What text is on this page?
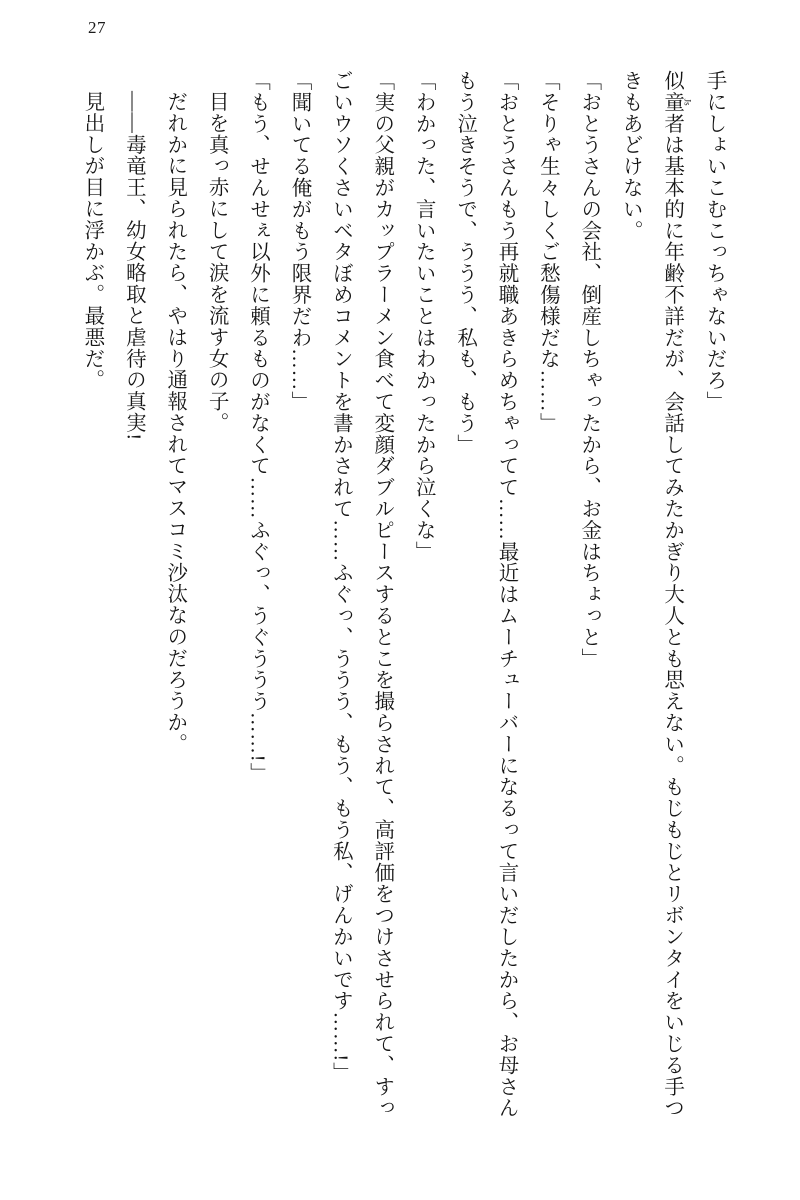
27

手にしょいこむこっちゃないだろ」

似童者 Jsは基本的に年齢不詳だが、会話してみたかぎり大人とも思えない。もじもじとリボンタイをいじる手つきもあどけない。

「おとうさんの会社、倒産しちゃったから、お金はちょっと」

「そりゃ生々しくご愁傷様だな……」

「おとうさんもう再就職あきらめちゃってて……最近はムーチューバーになるって言いだしたから、お母さんもう泣きそうで、ううう、私も、もう」

「わかった、言いたいことはわかったから泣くな」

「実の父親がカップラーメン食べて変顔ダブルピースするとこを撮らされて、高評価をつけさせられて、すっごいウソくさいベタぼめコメントを書かされて……ふぐっ、ううう、もう、もう私、げんかいです……!」

「聞いてる俺がもう限界だわ……」

「もう、せんせぇ以外に頼るものがなくて……ふぐっ、うぐううう……!」

目を真っ赤にして涙を流す女の子。

だれかに見られたら、やはり通報されてマスコミ沙汰なのだろうか。

――毒竜王、幼女略取と虐待の真実!

見出しが目に浮かぶ。最悪だ。
